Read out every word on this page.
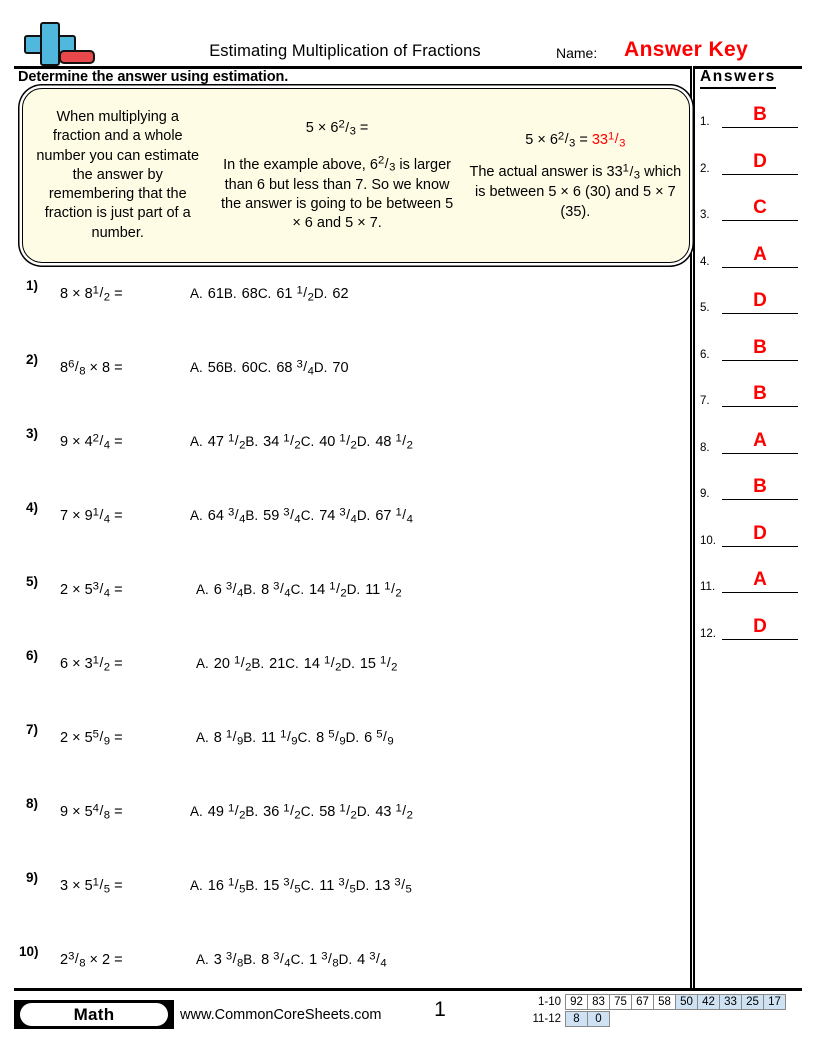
Estimating Multiplication of Fractions	Name: Answer Key
Determine the answer using estimation.	Answers
1.	B
2.	D
3.	C
4.	A
5.	D
6.	B
7.	B
8.	A
9.	B
10.	D
11.	A
12.	D
When multiplying a fraction and a whole number you can estimate the answer by remembering that the fraction is just part of a number.
$5 \times 6^2/3$ =
In the example above, $6^2/3$ is larger than 6 but less than 7. So we know the answer is going to be between 5 × 6 and 5 × 7.
$5 \times 6^2/3 = 33^1/3$
The actual answer is $33^1/3$ which is between 5 × 6 (30) and 5 × 7 (35).
1)
$8 \times 8^1/2$ =	A. 61B. 68C. 61 $^1$/2D. 62
2)
$8^6/8 \times 8$ =	A. 56B. 60C. 68 $^3$/4D. 70
3)
$9 \times 4^2/4$ =	A. 47 $^1$/2B. 34 $^1$/2C. 40 $^1$/2D. 48 $^1$/2
4)
$7 \times 9^1/4$ =	A. 64 $^3$/4B. 59 $^3$/4C. 74 $^3$/4D. 67 $^1$/4
5)
$2 \times 5^3/4$ =	A. 6 $^3$/4B. 8 $^3$/4C. 14 $^1$/2D. 11 $^1$/2
6)
$6 \times 3^1/2$ =	A. 20 $^1$/2B. 21C. 14 $^1$/2D. 15 $^1$/2
7)
$2 \times 5^5/9$ =	A. 8 $^1$/9B. 11 $^1$/9C. 8 $^5$/9D. 6 $^5$/9
8)
$9 \times 5^4/8$ =	A. 49 $^1$/2B. 36 $^1$/2C. 58 $^1$/2D. 43 $^1$/2
9)
$3 \times 5^1/5$ =	A. 16 $^1$/5B. 15 $^3$/5C. 11 $^3$/5D. 13 $^3$/5
10)
$2^3/8 \times 2$ =	A. 3 $^3$/8B. 8 $^3$/4C. 1 $^3$/8D. 4 $^3$/4
Math	www.CommonCoreSheets.com	1	1-10 92 83 75 67 58 50 42 33 25 17
11-12	8	0
